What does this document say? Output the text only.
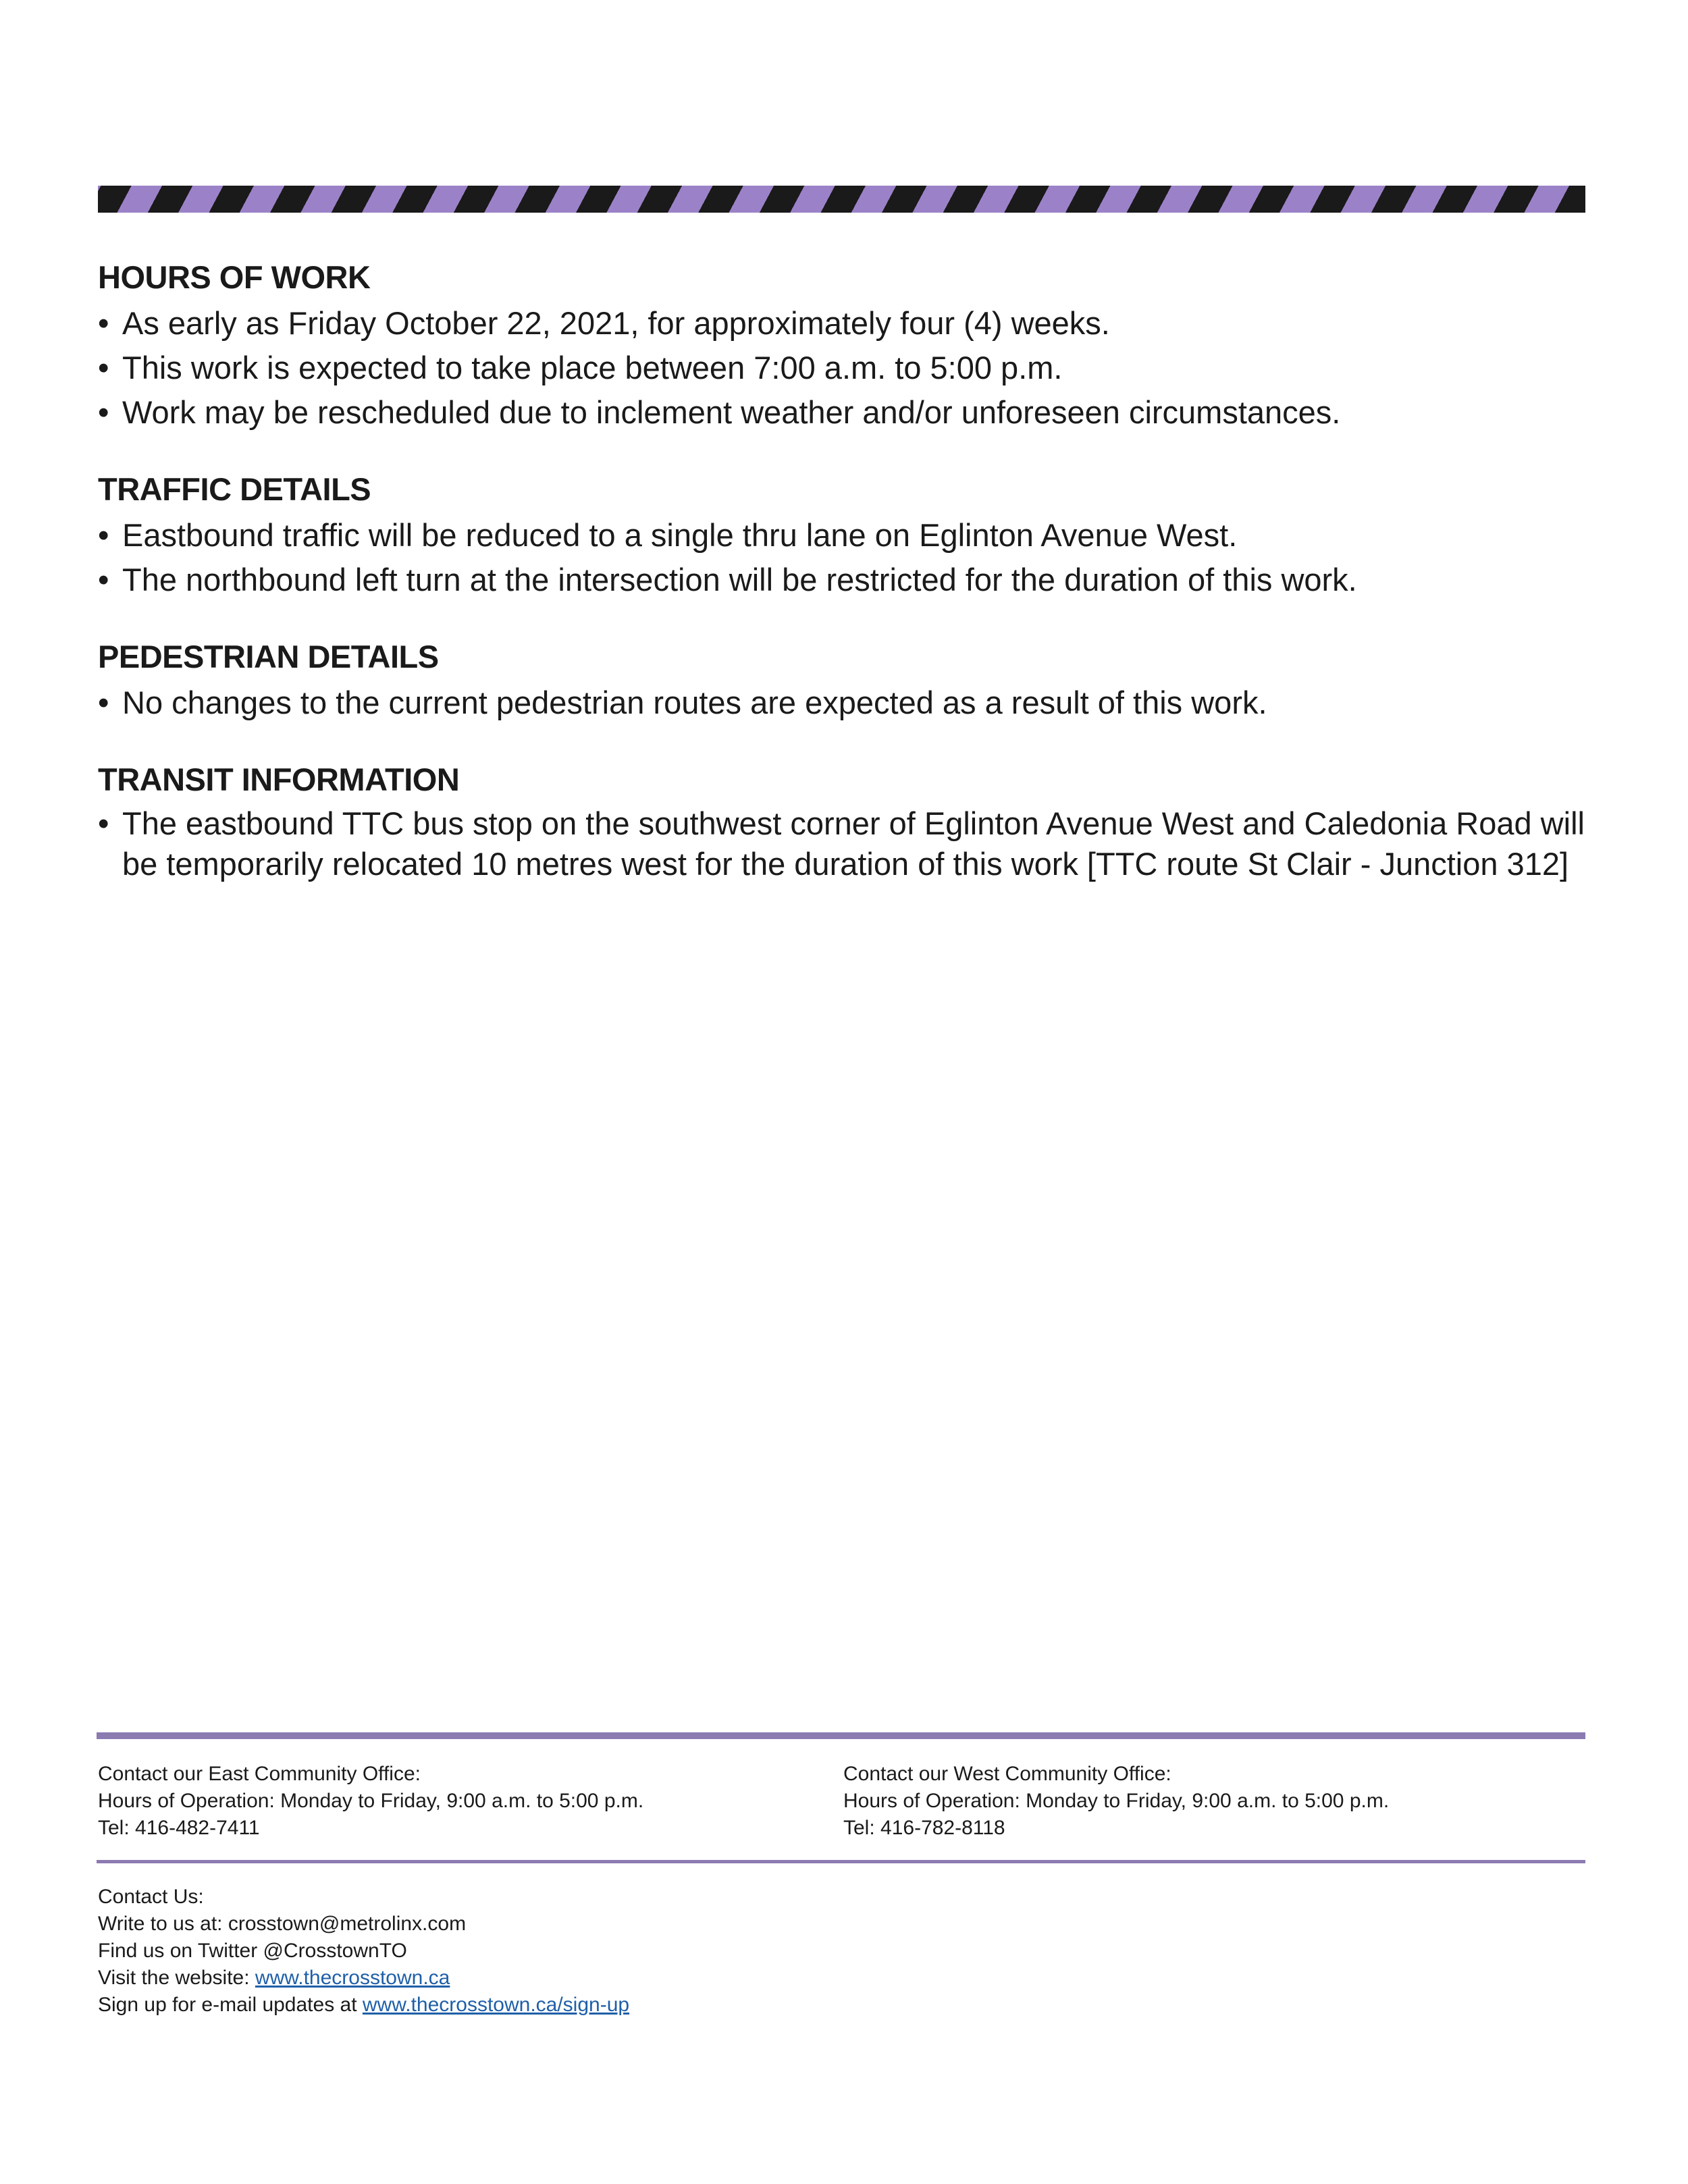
HOURS OF WORK
• As early as Friday October 22, 2021, for approximately four (4) weeks.
• This work is expected to take place between 7:00 a.m. to 5:00 p.m.
• Work may be rescheduled due to inclement weather and/or unforeseen circumstances.
TRAFFIC DETAILS
• Eastbound traffic will be reduced to a single thru lane on Eglinton Avenue West.
• The northbound left turn at the intersection will be restricted for the duration of this work.
PEDESTRIAN DETAILS
• No changes to the current pedestrian routes are expected as a result of this work.
TRANSIT INFORMATION
• The eastbound TTC bus stop on the southwest corner of Eglinton Avenue West and Caledonia Road will be temporarily relocated 10 metres west for the duration of this work [TTC route St Clair - Junction 312]
Contact our East Community Office:
Hours of Operation: Monday to Friday, 9:00 a.m. to 5:00 p.m.
Tel: 416-482-7411
Contact our West Community Office:
Hours of Operation: Monday to Friday, 9:00 a.m. to 5:00 p.m.
Tel: 416-782-8118
Contact Us:
Write to us at: crosstown@metrolinx.com
Find us on Twitter @CrosstownTO
Visit the website: www.thecrosstown.ca
Sign up for e-mail updates at www.thecrosstown.ca/sign-up
